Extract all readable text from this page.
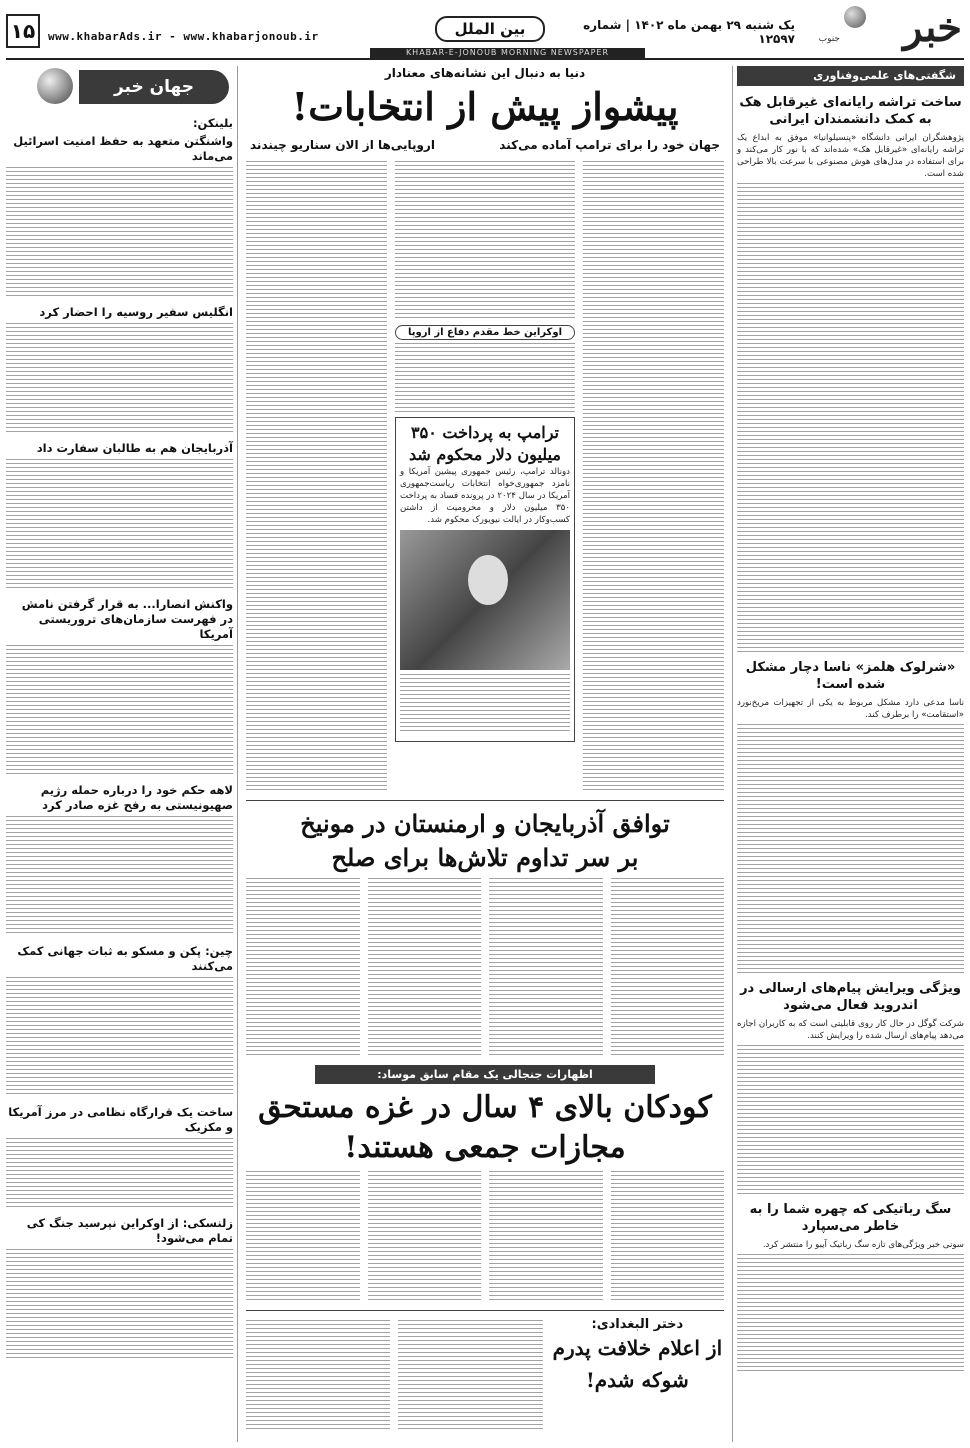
خبر
جنوب
یک شنبه ۲۹ بهمن ماه ۱۴۰۲ | شماره ۱۲۵۹۷
بین الملل
www.khabarAds.ir - www.khabarjonoub.ir
۱۵
KHABAR-E-JONOUB MORNING NEWSPAPER
شگفتی‌های علمی‌وفناوری
ساخت تراشه رایانه‌ای غیرقابل هک به کمک دانشمندان ایرانی
پژوهشگران ایرانی دانشگاه «پنسیلوانیا» موفق به ابداع یک تراشه رایانه‌ای «غیرقابل هک» شده‌اند که با نور کار می‌کند و برای استفاده در مدل‌های هوش مصنوعی با سرعت بالا طراحی شده است.
«شرلوک هلمز» ناسا دچار مشکل شده است!
ناسا مدعی دارد مشکل مربوط به یکی از تجهیزات مریخ‌نورد «استقامت» را برطرف کند.
ویژگی ویرایش پیام‌های ارسالی در اندروید فعال می‌شود
شرکت گوگل در حال کار روی قابلیتی است که به کاربران اجازه می‌دهد پیام‌های ارسال شده را ویرایش کنند.
سگ رباتیکی که چهره شما را به خاطر می‌سپارد
سونی خبر ویژگی‌های تازه سگ رباتیک آیبو را منتشر کرد.
جهان خبر
بلینکن:
واشنگتن متعهد به حفظ امنیت اسرائیل می‌ماند
انگلیس سفیر روسیه را احضار کرد
آذربایجان هم به طالبان سفارت داد
واکنش انصارا... به قرار گرفتن نامش در فهرست سازمان‌های تروریستی آمریکا
لاهه حکم خود را درباره حمله رژیم صهیونیستی به رفح غزه صادر کرد
چین: پکن و مسکو به ثبات جهانی کمک می‌کنند
ساخت یک قرارگاه نظامی در مرز آمریکا و مکزیک
زلنسکی: از اوکراین نپرسید جنگ کی تمام می‌شود!
دنیا به دنبال این نشانه‌های معنادار
پیشواز پیش از انتخابات!
جهان خود را برای ترامپ آماده می‌کند
اروپایی‌ها از الان سناریو چیندند
اوکراین خط مقدم دفاع از اروپا
ترامپ به پرداخت ۳۵۰ میلیون دلار محکوم شد
دونالد ترامپ، رئیس جمهوری پیشین آمریکا و نامزد جمهوری‌خواه انتخابات ریاست‌جمهوری آمریکا در سال ۲۰۲۴ در پرونده فساد به پرداخت ۳۵۰ میلیون دلار و محرومیت از داشتن کسب‌وکار در ایالت نیویورک محکوم شد.
توافق آذربایجان و ارمنستان در مونیخ
بر سر تداوم تلاش‌ها برای صلح
اظهارات جنجالی یک مقام سابق موساد:
کودکان بالای ۴ سال در غزه مستحق مجازات جمعی هستند!
دختر البغدادی:
از اعلام خلافت پدرم شوکه شدم!
